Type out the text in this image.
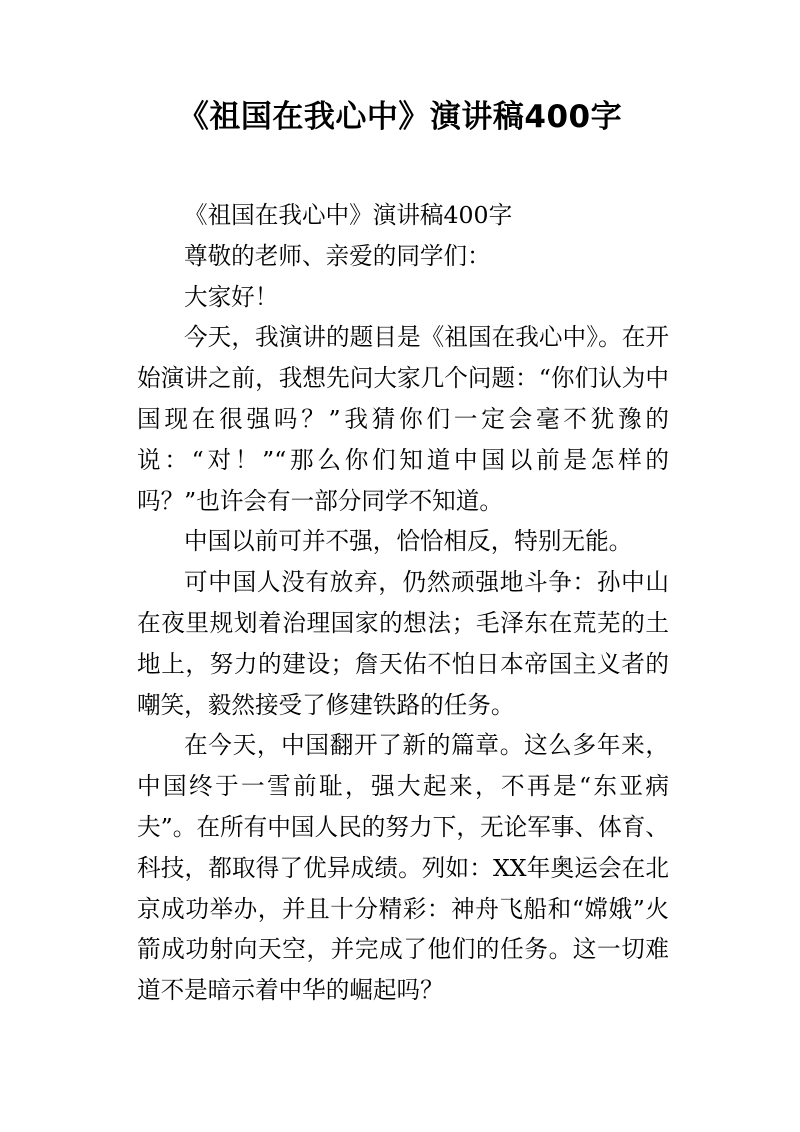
《祖国在我心中》演讲稿400字

《祖国在我心中》演讲稿400字

尊敬的老师、亲爱的同学们：

大家好！

今天，我演讲的题目是《祖国在我心中》。在开始演讲之前，我想先问大家几个问题：“你们认为中国现在很强吗？”我猜你们一定会毫不犹豫的说：“对！”“那么你们知道中国以前是怎样的吗？”也许会有一部分同学不知道。

中国以前可并不强，恰恰相反，特别无能。

可中国人没有放弃，仍然顽强地斗争：孙中山在夜里规划着治理国家的想法；毛泽东在荒芜的土地上，努力的建设；詹天佑不怕日本帝国主义者的嘲笑，毅然接受了修建铁路的任务。

在今天，中国翻开了新的篇章。这么多年来，中国终于一雪前耻，强大起来，不再是“东亚病夫”。在所有中国人民的努力下，无论军事、体育、科技，都取得了优异成绩。列如：XX年奥运会在北京成功举办，并且十分精彩：神舟飞船和“嫦娥”火箭成功射向天空，并完成了他们的任务。这一切难道不是暗示着中华的崛起吗？
